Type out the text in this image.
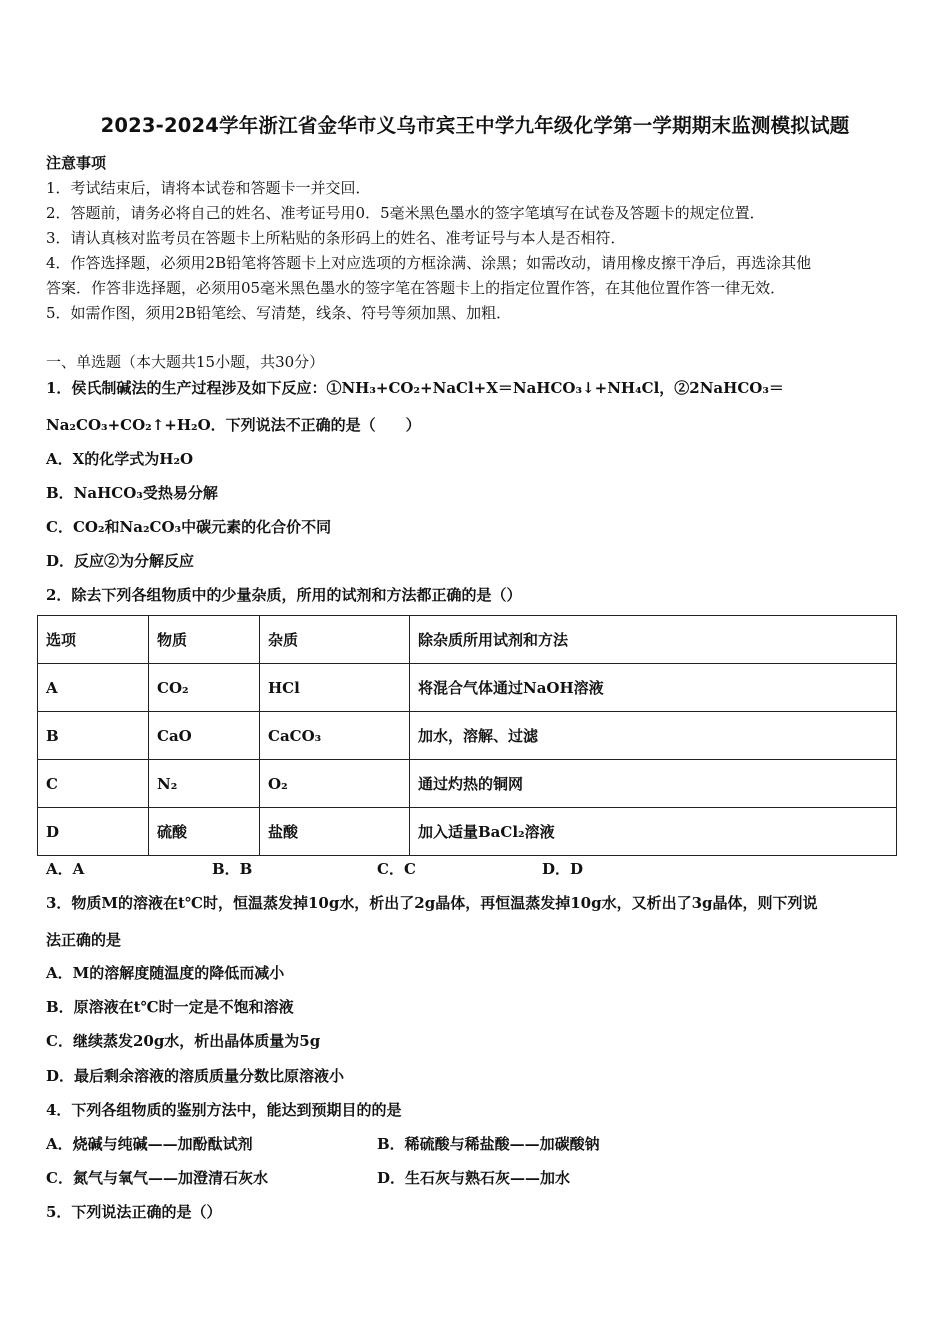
2023-2024学年浙江省金华市义乌市宾王中学九年级化学第一学期期末监测模拟试题
注意事项
1．考试结束后，请将本试卷和答题卡一并交回．
2．答题前，请务必将自己的姓名、准考证号用0．5毫米黑色墨水的签字笔填写在试卷及答题卡的规定位置．
3．请认真核对监考员在答题卡上所粘贴的条形码上的姓名、准考证号与本人是否相符．
4．作答选择题，必须用2B铅笔将答题卡上对应选项的方框涂满、涂黑；如需改动，请用橡皮擦干净后，再选涂其他
答案．作答非选择题，必须用05毫米黑色墨水的签字笔在答题卡上的指定位置作答，在其他位置作答一律无效．
5．如需作图，须用2B铅笔绘、写清楚，线条、符号等须加黑、加粗．
一、单选题（本大题共15小题，共30分）
1．侯氏制碱法的生产过程涉及如下反应：①NH₃+CO₂+NaCl+X＝NaHCO₃↓+NH₄Cl，②2NaHCO₃＝
Na₂CO₃+CO₂↑+H₂O．下列说法不正确的是（　　）
A．X的化学式为H₂O
B．NaHCO₃受热易分解
C．CO₂和Na₂CO₃中碳元素的化合价不同
D．反应②为分解反应
2．除去下列各组物质中的少量杂质，所用的试剂和方法都正确的是（）
选项	物质	杂质	除杂质所用试剂和方法
A	CO₂	HCl	将混合气体通过NaOH溶液
B	CaO	CaCO₃	加水，溶解、过滤
C	N₂	O₂	通过灼热的铜网
D	硫酸	盐酸	加入适量BaCl₂溶液
A．A	B．B	C．C	D．D
3．物质M的溶液在t℃时，恒温蒸发掉10g水，析出了2g晶体，再恒温蒸发掉10g水，又析出了3g晶体，则下列说
法正确的是
A．M的溶解度随温度的降低而减小
B．原溶液在t℃时一定是不饱和溶液
C．继续蒸发20g水，析出晶体质量为5g
D．最后剩余溶液的溶质质量分数比原溶液小
4．下列各组物质的鉴别方法中，能达到预期目的的是
A．烧碱与纯碱——加酚酞试剂	B．稀硫酸与稀盐酸——加碳酸钠
C．氮气与氧气——加澄清石灰水	D．生石灰与熟石灰——加水
5．下列说法正确的是（）
